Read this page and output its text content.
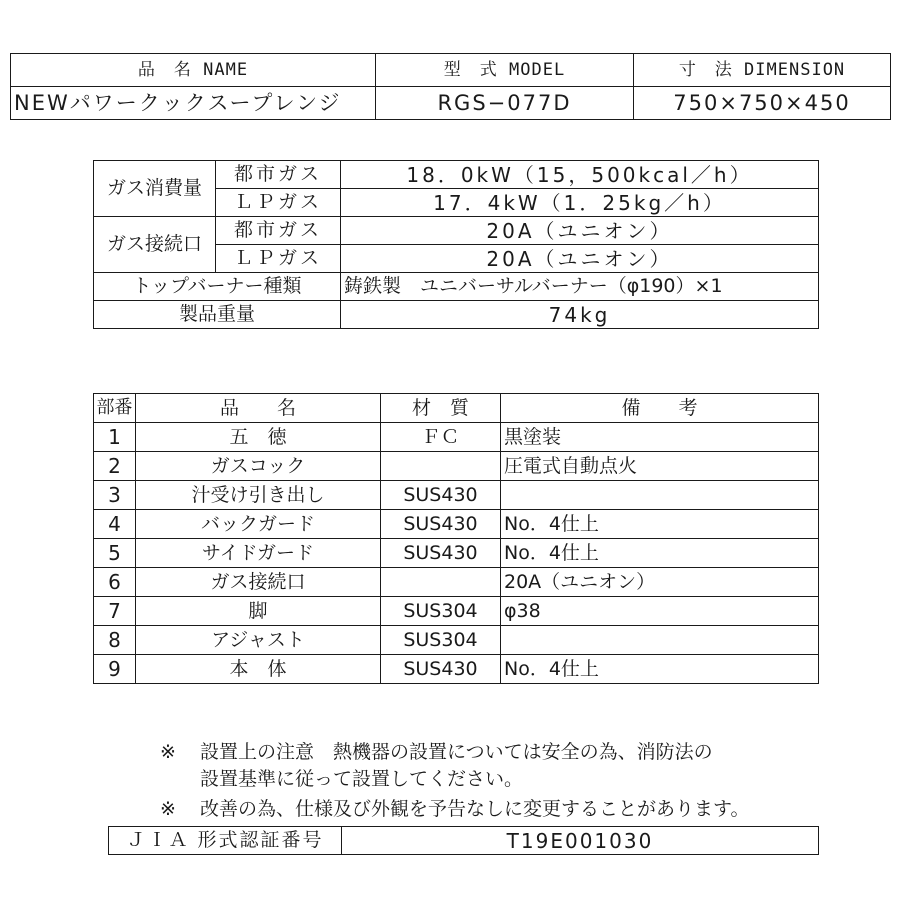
品　名 NAME	型　式 MODEL	寸　法 DIMENSION
NEWパワークックスープレンジ	RGS−077D	750×750×450
ガス消費量	都市ガス	18．0kW（15，500kcal／h）
	ＬＰガス	17．4kW（1．25kg／h）
ガス接続口	都市ガス	20A（ユニオン）
	ＬＰガス	20A（ユニオン）
トップバーナー種類		鋳鉄製　ユニバーサルバーナー（φ190）×1
製品重量		74kg
部番	品　　名	材　質	備　　考
1	五　徳	ＦＣ	黒塗装
2	ガスコック		圧電式自動点火
3	汁受け引き出し	SUS430	
4	バックガード	SUS430	No．4仕上
5	サイドガード	SUS430	No．4仕上
6	ガス接続口		20A（ユニオン）
7	脚	SUS304	φ38
8	アジャスト	SUS304	
9	本　体	SUS430	No．4仕上
※ 設置上の注意　熱機器の設置については安全の為、消防法の
設置基準に従って設置してください。
※ 改善の為、仕様及び外観を予告なしに変更することがあります。
ＪＩＡ 形式認証番号	T19E001030
